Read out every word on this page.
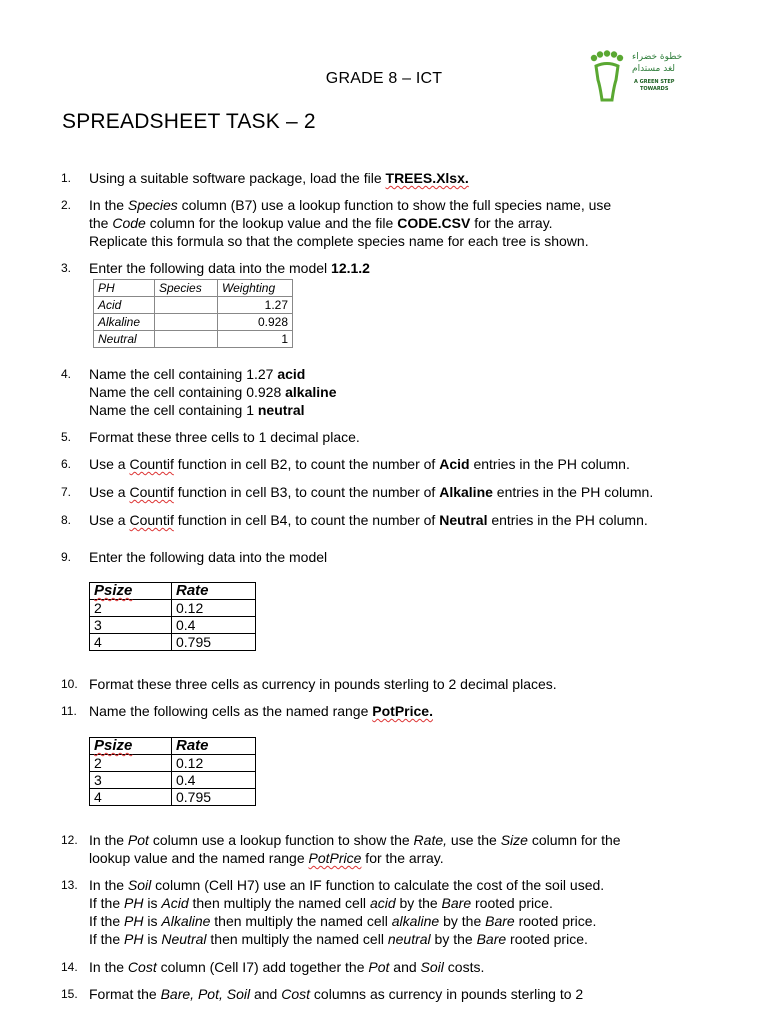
GRADE 8 – ICT
خطوة خضراء
لغد مستدام
A GREEN STEP
TOWARDS
SPREADSHEET TASK – 2
1.	Using a suitable software package, load the file TREES.Xlsx.
2.	In the Species column (B7) use a lookup function to show the full species name, use
the Code column for the lookup value and the file CODE.CSV for the array.
Replicate this formula so that the complete species name for each tree is shown.
3.	Enter the following data into the model 12.1.2
PH	Species	Weighting
Acid		1.27
Alkaline		0.928
Neutral		1
4.	Name the cell containing 1.27 acid
Name the cell containing 0.928 alkaline
Name the cell containing 1 neutral
5.	Format these three cells to 1 decimal place.
6.	Use a Countif function in cell B2, to count the number of Acid entries in the PH column.
7.	Use a Countif function in cell B3, to count the number of Alkaline entries in the PH column.
8.	Use a Countif function in cell B4, to count the number of Neutral entries in the PH column.
9.	Enter the following data into the model
Psize	Rate
2	0.12
3	0.4
4	0.795
10. Format these three cells as currency in pounds sterling to 2 decimal places.
11. Name the following cells as the named range PotPrice.
Psize	Rate
2	0.12
3	0.4
4	0.795
12. In the Pot column use a lookup function to show the Rate, use the Size column for the
lookup value and the named range PotPrice for the array.
13. In the Soil column (Cell H7) use an IF function to calculate the cost of the soil used.
If the PH is Acid then multiply the named cell acid by the Bare rooted price.
If the PH is Alkaline then multiply the named cell alkaline by the Bare rooted price.
If the PH is Neutral then multiply the named cell neutral by the Bare rooted price.
14. In the Cost column (Cell I7) add together the Pot and Soil costs.
15. Format the Bare, Pot, Soil and Cost columns as currency in pounds sterling to 2
